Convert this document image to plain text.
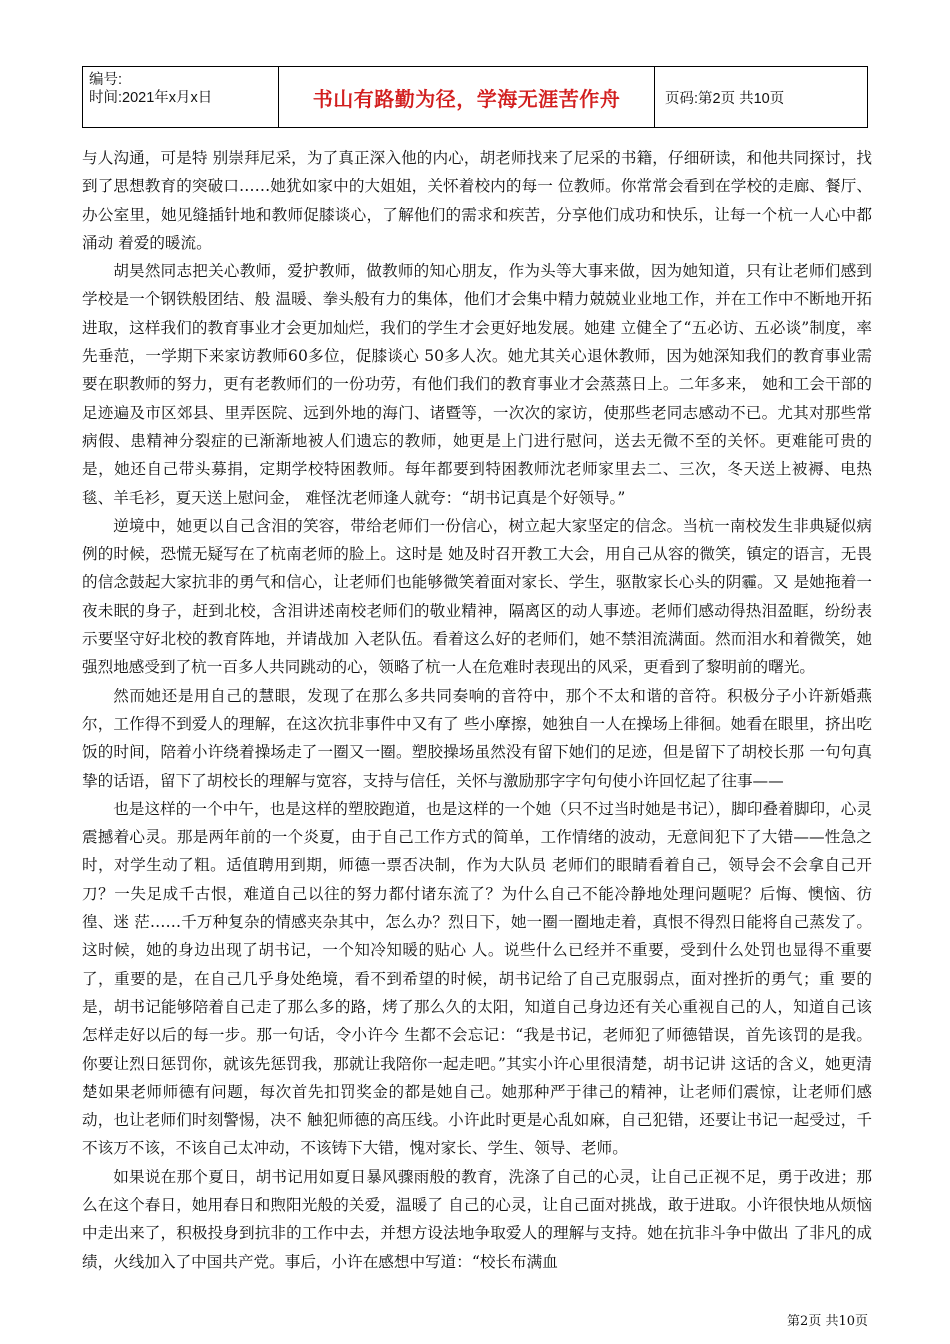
编号:
时间:2021年x月x日	书山有路勤为径，学海无涯苦作舟	页码:第2页 共10页

与人沟通，可是特 别崇拜尼采，为了真正深入他的内心，胡老师找来了尼采的书籍，仔细研读，和他共同探讨，找到了思想教育的突破口……她犹如家中的大姐姐，关怀着校内的每一 位教师。你常常会看到在学校的走廊、餐厅、办公室里，她见缝插针地和教师促膝谈心，了解他们的需求和疾苦，分享他们成功和快乐，让每一个杭一人心中都涌动 着爱的暖流。

胡昊然同志把关心教师，爱护教师，做教师的知心朋友，作为头等大事来做，因为她知道，只有让老师们感到学校是一个钢铁般团结、般 温暖、拳头般有力的集体，他们才会集中精力兢兢业业地工作，并在工作中不断地开拓进取，这样我们的教育事业才会更加灿烂，我们的学生才会更好地发展。她建 立健全了“五必访、五必谈”制度，率先垂范，一学期下来家访教师60多位，促膝谈心 50多人次。她尤其关心退休教师，因为她深知我们的教育事业需要在职教师的努力，更有老教师们的一份功劳，有他们我们的教育事业才会蒸蒸日上。二年多来， 她和工会干部的足迹遍及市区郊县、里弄医院、远到外地的海门、诸暨等，一次次的家访，使那些老同志感动不已。尤其对那些常病假、患精神分裂症的已渐渐地被人们遗忘的教师，她更是上门进行慰问，送去无微不至的关怀。更难能可贵的是，她还自己带头募捐，定期学校特困教师。每年都要到特困教师沈老师家里去二、三次，冬天送上被褥、电热毯、羊毛衫，夏天送上慰问金， 难怪沈老师逢人就夸：“胡书记真是个好领导。”

逆境中，她更以自己含泪的笑容，带给老师们一份信心，树立起大家坚定的信念。当杭一南校发生非典疑似病例的时候，恐慌无疑写在了杭南老师的脸上。这时是 她及时召开教工大会，用自己从容的微笑，镇定的语言，无畏的信念鼓起大家抗非的勇气和信心，让老师们也能够微笑着面对家长、学生，驱散家长心头的阴霾。又 是她拖着一夜未眠的身子，赶到北校，含泪讲述南校老师们的敬业精神，隔离区的动人事迹。老师们感动得热泪盈眶，纷纷表示要坚守好北校的教育阵地，并请战加 入老队伍。看着这么好的老师们，她不禁泪流满面。然而泪水和着微笑，她强烈地感受到了杭一百多人共同跳动的心，领略了杭一人在危难时表现出的风采，更看到了黎明前的曙光。

然而她还是用自己的慧眼，发现了在那么多共同奏响的音符中，那个不太和谐的音符。积极分子小许新婚燕尔，工作得不到爱人的理解，在这次抗非事件中又有了 些小摩擦，她独自一人在操场上徘徊。她看在眼里，挤出吃饭的时间，陪着小许绕着操场走了一圈又一圈。塑胶操场虽然没有留下她们的足迹，但是留下了胡校长那 一句句真挚的话语，留下了胡校长的理解与宽容，支持与信任，关怀与激励那字字句句使小许回忆起了往事——

也是这样的一个中午，也是这样的塑胶跑道，也是这样的一个她（只不过当时她是书记），脚印叠着脚印，心灵震撼着心灵。那是两年前的一个炎夏，由于自己工作方式的简单，工作情绪的波动，无意间犯下了大错——性急之时，对学生动了粗。适值聘用到期，师德一票否决制，作为大队员 老师们的眼睛看着自己，领导会不会拿自己开刀？一失足成千古恨，难道自己以往的努力都付诸东流了？为什么自己不能冷静地处理问题呢？后悔、懊恼、彷徨、迷 茫……千万种复杂的情感夹杂其中，怎么办？烈日下，她一圈一圈地走着，真恨不得烈日能将自己蒸发了。这时候，她的身边出现了胡书记，一个知冷知暖的贴心 人。说些什么已经并不重要，受到什么处罚也显得不重要了，重要的是，在自己几乎身处绝境，看不到希望的时候，胡书记给了自己克服弱点，面对挫折的勇气；重 要的是，胡书记能够陪着自己走了那么多的路，烤了那么久的太阳，知道自己身边还有关心重视自己的人，知道自己该怎样走好以后的每一步。那一句话，令小许今 生都不会忘记：“我是书记，老师犯了师德错误，首先该罚的是我。你要让烈日惩罚你，就该先惩罚我，那就让我陪你一起走吧。”其实小许心里很清楚，胡书记讲 这话的含义，她更清楚如果老师师德有问题，每次首先扣罚奖金的都是她自己。她那种严于律己的精神，让老师们震惊，让老师们感动，也让老师们时刻警惕，决不 触犯师德的高压线。小许此时更是心乱如麻，自己犯错，还要让书记一起受过，千不该万不该，不该自己太冲动，不该铸下大错，愧对家长、学生、领导、老师。

如果说在那个夏日，胡书记用如夏日暴风骤雨般的教育，洗涤了自己的心灵，让自己正视不足，勇于改进；那么在这个春日，她用春日和煦阳光般的关爱，温暖了 自己的心灵，让自己面对挑战，敢于进取。小许很快地从烦恼中走出来了，积极投身到抗非的工作中去，并想方设法地争取爱人的理解与支持。她在抗非斗争中做出 了非凡的成绩，火线加入了中国共产党。事后，小许在感想中写道：“校长布满血

第2页 共10页
